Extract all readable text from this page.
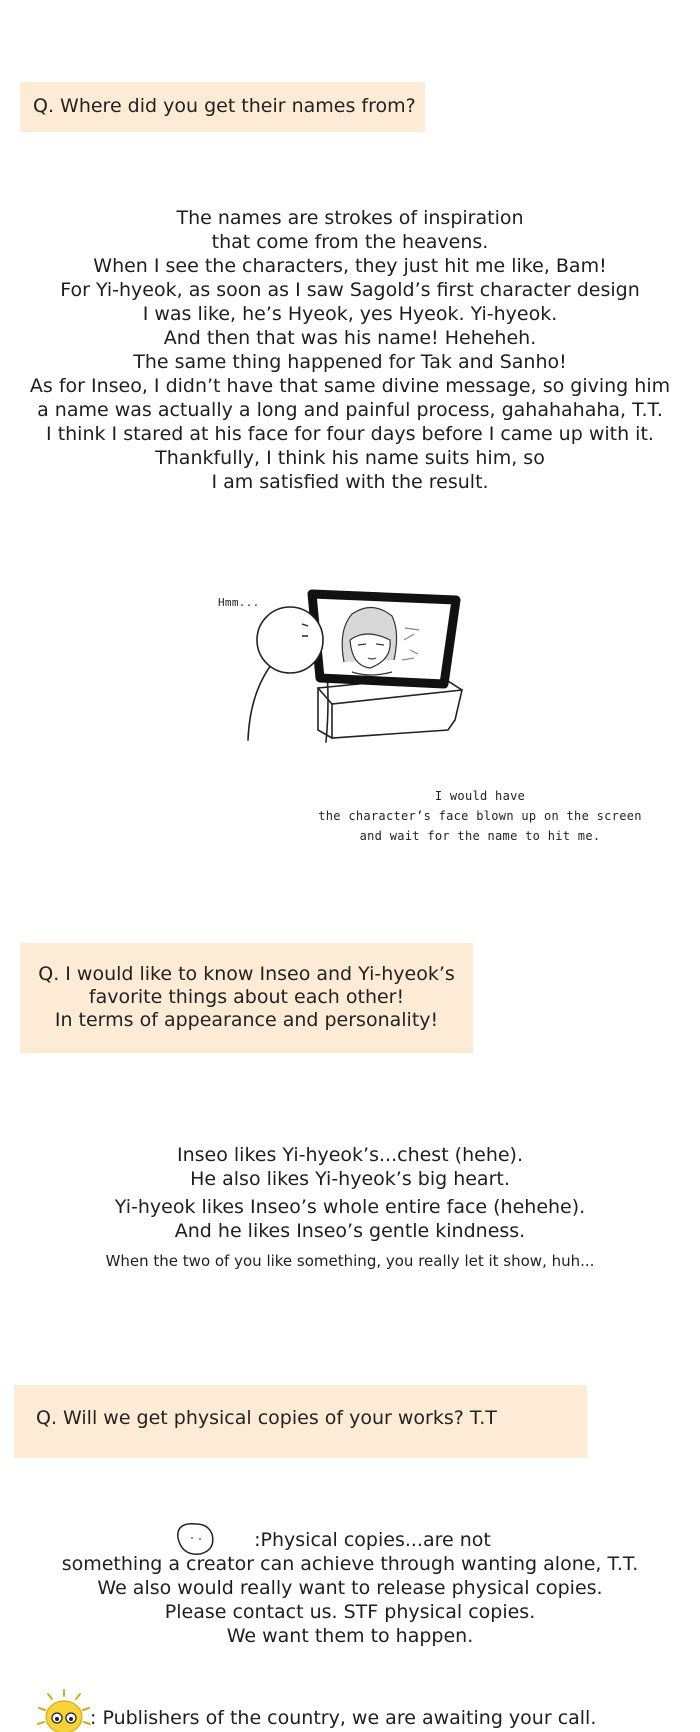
Q. Where did you get their names from?
The names are strokes of inspiration
that come from the heavens.
When I see the characters, they just hit me like, Bam!
For Yi-hyeok, as soon as I saw Sagold’s first character design
I was like, he’s Hyeok, yes Hyeok. Yi-hyeok.
And then that was his name! Heheheh.
The same thing happened for Tak and Sanho!
As for Inseo, I didn’t have that same divine message, so giving him
a name was actually a long and painful process, gahahahaha, T.T.
I think I stared at his face for four days before I came up with it.
Thankfully, I think his name suits him, so
I am satisfied with the result.
Hmm...
I would have
the character’s face blown up on the screen
and wait for the name to hit me.
Q. I would like to know Inseo and Yi-hyeok’s
favorite things about each other!
In terms of appearance and personality!
Inseo likes Yi-hyeok’s...chest (hehe).
He also likes Yi-hyeok’s big heart.
Yi-hyeok likes Inseo’s whole entire face (hehehe).
And he likes Inseo’s gentle kindness.
When the two of you like something, you really let it show, huh...
Q. Will we get physical copies of your works? T.T
:Physical copies...are not
something a creator can achieve through wanting alone, T.T.
We also would really want to release physical copies.
Please contact us. STF physical copies.
We want them to happen.
: Publishers of the country, we are awaiting your call.
